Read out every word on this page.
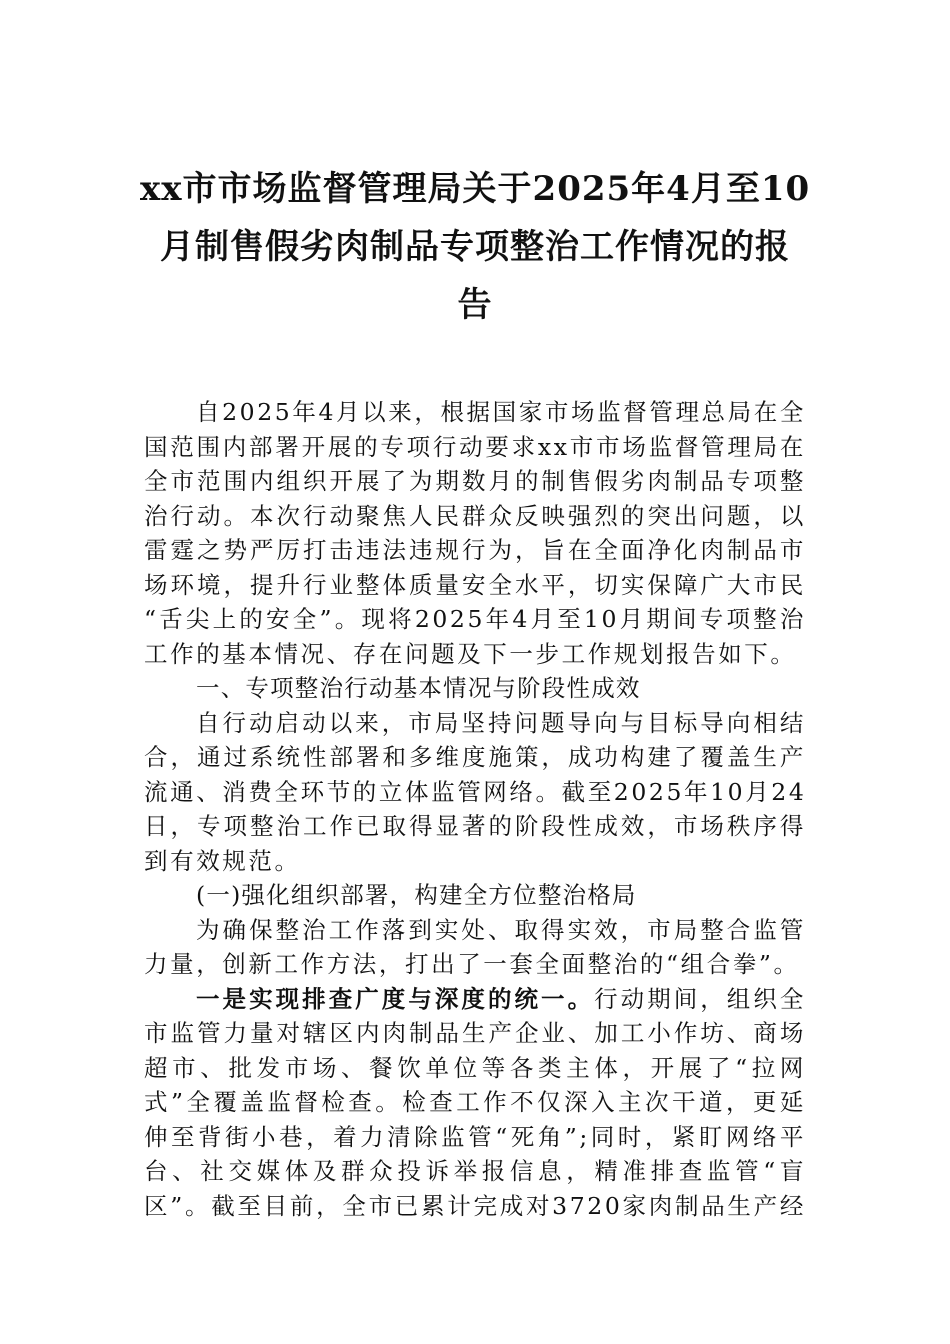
xx市市场监督管理局关于2025年4月至10
月制售假劣肉制品专项整治工作情况的报
告
自2025年4月以来，根据国家市场监督管理总局在全
国范围内部署开展的专项行动要求xx市市场监督管理局在
全市范围内组织开展了为期数月的制售假劣肉制品专项整
治行动。本次行动聚焦人民群众反映强烈的突出问题，以
雷霆之势严厉打击违法违规行为，旨在全面净化肉制品市
场环境，提升行业整体质量安全水平，切实保障广大市民
“舌尖上的安全”。现将2025年4月至10月期间专项整治
工作的基本情况、存在问题及下一步工作规划报告如下。
一、专项整治行动基本情况与阶段性成效
自行动启动以来，市局坚持问题导向与目标导向相结
合，通过系统性部署和多维度施策，成功构建了覆盖生产
流通、消费全环节的立体监管网络。截至2025年10月24
日，专项整治工作已取得显著的阶段性成效，市场秩序得
到有效规范。
(一)强化组织部署，构建全方位整治格局
为确保整治工作落到实处、取得实效，市局整合监管
力量，创新工作方法，打出了一套全面整治的“组合拳”。
一是实现排查广度与深度的统一。行动期间，组织全
市监管力量对辖区内肉制品生产企业、加工小作坊、商场
超市、批发市场、餐饮单位等各类主体，开展了“拉网
式”全覆盖监督检查。检查工作不仅深入主次干道，更延
伸至背街小巷，着力清除监管“死角”;同时，紧盯网络平
台、社交媒体及群众投诉举报信息，精准排查监管“盲
区”。截至目前，全市已累计完成对3720家肉制品生产经
